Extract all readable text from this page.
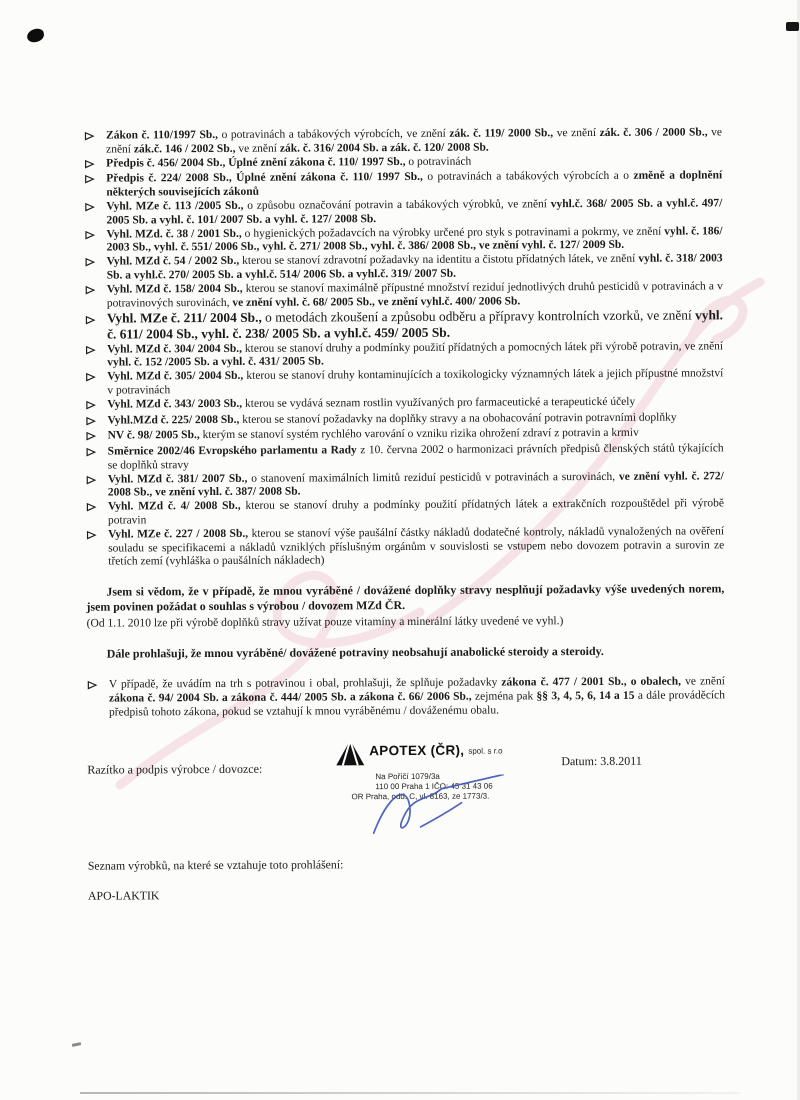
Zákon č. 110/1997 Sb., o potravinách a tabákových výrobcích, ve znění zák. č. 119/ 2000 Sb., ve znění zák. č. 306 / 2000 Sb., ve znění zák.č. 146 / 2002 Sb., ve znění zák. č. 316/ 2004 Sb. a zák. č. 120/ 2008 Sb.
Předpis č. 456/ 2004 Sb., Úplné znění zákona č. 110/ 1997 Sb., o potravinách
Předpis č. 224/ 2008 Sb., Úplné znění zákona č. 110/ 1997 Sb., o potravinách a tabákových výrobcích a o změně a doplnění některých souvisejících zákonů
Vyhl. MZe č. 113 /2005 Sb., o způsobu označování potravin a tabákových výrobků, ve znění vyhl.č. 368/ 2005 Sb. a vyhl.č. 497/ 2005 Sb. a vyhl. č. 101/ 2007 Sb. a vyhl. č. 127/ 2008 Sb.
Vyhl. MZd. č. 38 / 2001 Sb., o hygienických požadavcích na výrobky určené pro styk s potravinami a pokrmy, ve znění vyhl. č. 186/ 2003 Sb., vyhl. č. 551/ 2006 Sb., vyhl. č. 271/ 2008 Sb., vyhl. č. 386/ 2008 Sb., ve znění vyhl. č. 127/ 2009 Sb.
Vyhl. MZd č. 54 / 2002 Sb., kterou se stanoví zdravotní požadavky na identitu a čistotu přídatných látek, ve znění vyhl. č. 318/ 2003 Sb. a vyhl.č. 270/ 2005 Sb. a vyhl.č. 514/ 2006 Sb. a vyhl.č. 319/ 2007 Sb.
Vyhl. MZd č. 158/ 2004 Sb., kterou se stanoví maximálně přípustné množství reziduí jednotlivých druhů pesticidů v potravinách a v potravinových surovinách, ve znění vyhl. č. 68/ 2005 Sb., ve znění vyhl.č. 400/ 2006 Sb.
Vyhl. MZe č. 211/ 2004 Sb., o metodách zkoušení a způsobu odběru a přípravy kontrolních vzorků, ve znění vyhl. č. 611/ 2004 Sb., vyhl. č. 238/ 2005 Sb. a vyhl.č. 459/ 2005 Sb.
Vyhl. MZd č. 304/ 2004 Sb., kterou se stanoví druhy a podmínky použití přídatných a pomocných látek při výrobě potravin, ve znění vyhl. č. 152 /2005 Sb. a vyhl. č. 431/ 2005 Sb.
Vyhl. MZd č. 305/ 2004 Sb., kterou se stanoví druhy kontaminujících a toxikologicky významných látek a jejich přípustné množství v potravinách
Vyhl. MZd č. 343/ 2003 Sb., kterou se vydává seznam rostlin využívaných pro farmaceutické a terapeutické účely
Vyhl.MZd č. 225/ 2008 Sb., kterou se stanoví požadavky na doplňky stravy a na obohacování potravin potravními doplňky
NV č. 98/ 2005 Sb., kterým se stanoví systém rychlého varování o vzniku rizika ohrožení zdraví z potravin a krmiv
Směrnice 2002/46 Evropského parlamentu a Rady z 10. června 2002 o harmonizaci právních předpisů členských států týkajících se doplňků stravy
Vyhl. MZd č. 381/ 2007 Sb., o stanovení maximálních limitů reziduí pesticidů v potravinách a surovinách, ve znění vyhl. č. 272/ 2008 Sb., ve znění vyhl. č. 387/ 2008 Sb.
Vyhl. MZd č. 4/ 2008 Sb., kterou se stanoví druhy a podmínky použití přídatných látek a extrakčních rozpouštědel při výrobě potravin
Vyhl. MZe č. 227 / 2008 Sb., kterou se stanoví výše paušální částky nákladů dodatečné kontroly, nákladů vynaložených na ověření souladu se specifikacemi a nákladů vzniklých příslušným orgánům v souvislosti se vstupem nebo dovozem potravin a surovin ze třetích zemí (vyhláška o paušálních nákladech)

Jsem si vědom, že v případě, že mnou vyráběné / dovážené doplňky stravy nesplňují požadavky výše uvedených norem, jsem povinen požádat o souhlas s výrobou / dovozem MZd ČR.

(Od 1.1. 2010 lze při výrobě doplňků stravy užívat pouze vitamíny a minerální látky uvedené ve vyhl.)

Dále prohlašuji, že mnou vyráběné/ dovážené potraviny neobsahují anabolické steroidy a steroidy.

V případě, že uvádím na trh s potravinou i obal, prohlašuji, že splňuje požadavky zákona č. 477 / 2001 Sb., o obalech, ve znění zákona č. 94/ 2004 Sb. a zákona č. 444/ 2005 Sb. a zákona č. 66/ 2006 Sb., zejména pak §§ 3, 4, 5, 6, 14 a 15 a dále prováděcích předpisů tohoto zákona, pokud se vztahují k mnou vyráběnému / dováženému obalu.
Razítko a podpis výrobce / dovozce:
APOTEX (ČR), spol. s r.o
Na Poříčí 1079/3a
110 00 Praha 1 IČO: 45 31 43 06
OR Praha, odd. C, vl. 8163, ze 1773/3.
Datum: 3.8.2011

Seznam výrobků, na které se vztahuje toto prohlášení:

APO-LAKTIK
